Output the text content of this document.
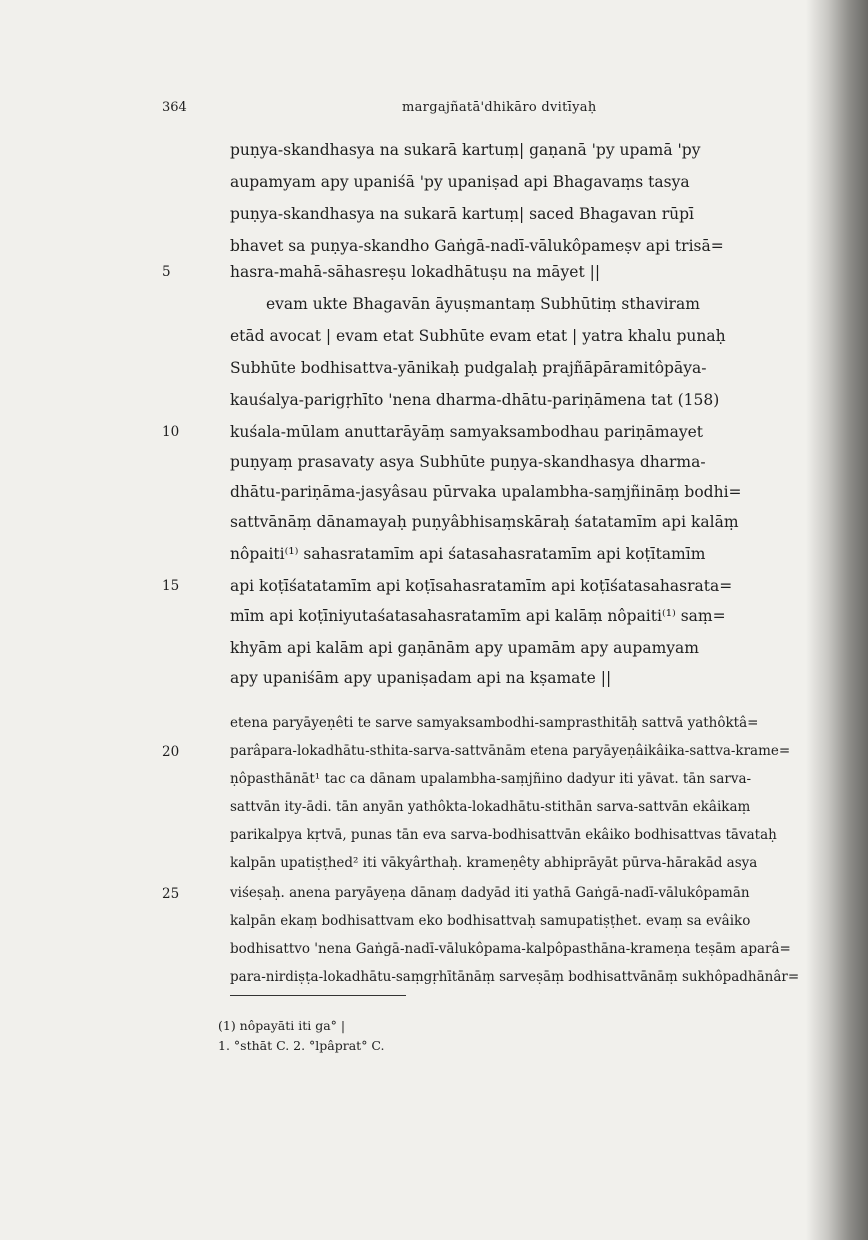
364	margajñatā'dhikāro dvitīyaḥ
puṇya-skandhasya na sukarā kartuṃ| gaṇanā 'py upamā 'py
aupamyam apy upaniśā 'py upaniṣad api Bhagavaṃs tasya
puṇya-skandhasya na sukarā kartuṃ| saced Bhagavan rūpī
bhavet sa puṇya-skandho Gaṅgā-nadī-vālukôpameṣv api trisā=
hasra-mahā-sāhasreṣu lokadhātuṣu na māyet ||
evam ukte Bhagavān āyuṣmantaṃ Subhūtiṃ sthaviram
etād avocat | evam etat Subhūte evam etat | yatra khalu punaḥ
Subhūte bodhisattva-yānikaḥ pudgalaḥ prajñāpāramitôpāya-
kauśalya-parigṛhīto 'nena dharma-dhātu-pariṇāmena tat (158)
kuśala-mūlam anuttarāyāṃ samyaksambodhau pariṇāmayet
puṇyaṃ prasavaty asya Subhūte puṇya-skandhasya dharma-
dhātu-pariṇāma-jasyâsau pūrvaka upalambha-saṃjñināṃ bodhi=
sattvānāṃ dānamayaḥ puṇyâbhisaṃskāraḥ śatatamīm api kalāṃ
nôpaiti⁽¹⁾ sahasratamīm api śatasahasratamīm api koṭītamīm
api koṭīśatatamīm api koṭīsahasratamīm api koṭīśatasahasrata=
mīm api koṭīniyutaśatasahasratamīm api kalāṃ nôpaiti⁽¹⁾ saṃ=
khyām api kalām api gaṇānām apy upamām apy aupamyam
apy upaniśām apy upaniṣadam api na kṣamate ||
etena paryāyeṇêti te sarve samyaksambodhi-samprasthitāḥ sattvā yathôktâ=
parâpara-lokadhātu-sthita-sarva-sattvānām etena paryāyeṇâikâika-sattva-krame=
ṇôpasthānāt¹ tac ca dānam upalambha-saṃjñino dadyur iti yāvat. tān sarva-
sattvān ity-ādi. tān anyān yathôkta-lokadhātu-stithān sarva-sattvān ekâikaṃ
parikalpya kṛtvā, punas tān eva sarva-bodhisattvān ekâiko bodhisattvas tāvataḥ
kalpān upatiṣṭhed² iti vākyârthaḥ. krameṇêty abhiprāyāt pūrva-hārakād asya
viśeṣaḥ. anena paryāyeṇa dānaṃ dadyād iti yathā Gaṅgā-nadī-vālukôpamān
kalpān ekaṃ bodhisattvam eko bodhisattvaḥ samupatiṣṭhet. evaṃ sa evâiko
bodhisattvo 'nena Gaṅgā-nadī-vālukôpama-kalpôpasthāna-krameṇa teṣām aparâ=
para-nirdiṣṭa-lokadhātu-saṃgṛhītānāṃ sarveṣāṃ bodhisattvānāṃ sukhôpadhānâr=
5
10
15
20
25
(1) nôpayāti iti ga° |
1. °sthāt C. 2. °lpâprat° C.
